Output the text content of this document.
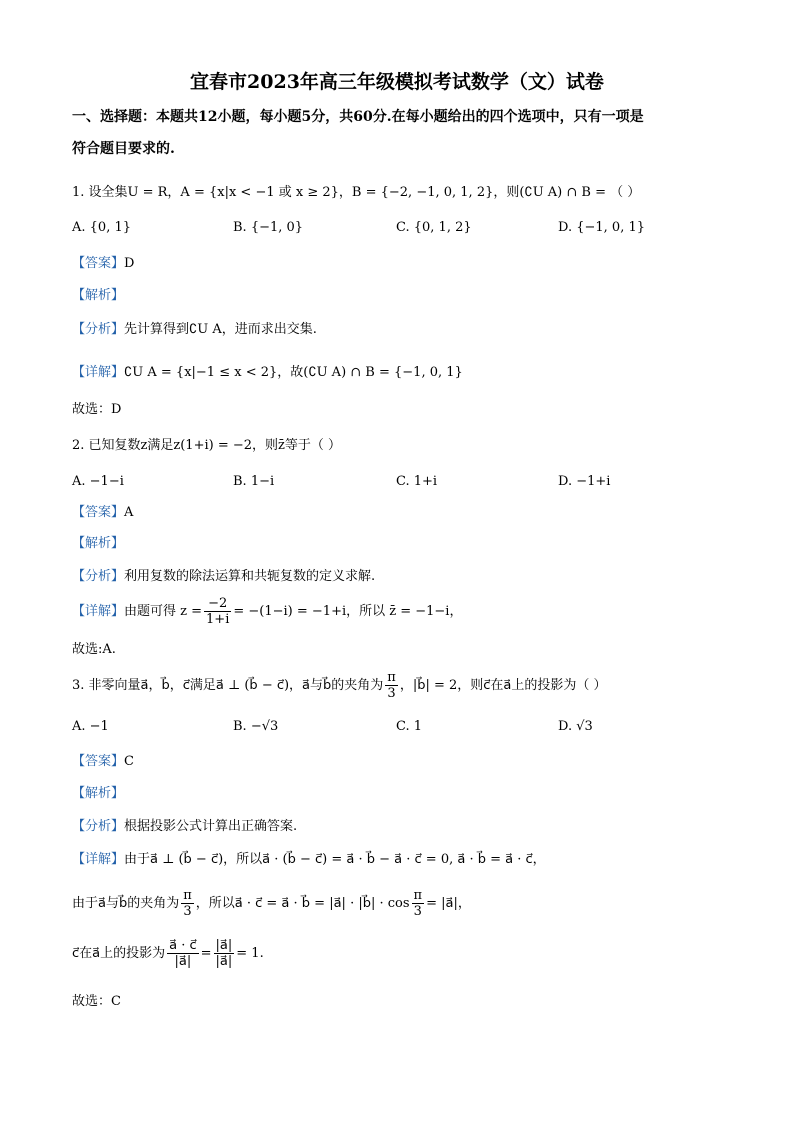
宜春市2023年高三年级模拟考试数学（文）试卷
一、选择题：本题共12小题，每小题5分，共60分.在每小题给出的四个选项中，只有一项是
符合题目要求的.
1. 设全集U = R，A = {x|x < −1 或 x ≥ 2}，B = {−2, −1, 0, 1, 2}，则(∁U A) ∩ B = （ ）
A. {0, 1}	B. {−1, 0}	C. {0, 1, 2}	D. {−1, 0, 1}
【答案】D
【解析】
【分析】先计算得到∁U A，进而求出交集.
【详解】∁U A = {x|−1 ≤ x < 2}，故(∁U A) ∩ B = {−1, 0, 1}
故选：D
2. 已知复数z满足z(1+i) = −2，则z̄等于（ ）
A. −1−i	B. 1−i	C. 1+i	D. −1+i
【答案】A
【解析】
【分析】利用复数的除法运算和共轭复数的定义求解.
【详解】由题可得 $z = \frac{-2}{1+i} = -(1-i) = -1+i$，所以 z̄ = −1−i，
故选:A.
3. 非零向量a⃗，b⃗，c⃗满足a⃗ ⊥ (b⃗ − c⃗)，a⃗与b⃗的夹角为 $\frac{\pi}{3}$ ，|b⃗| = 2，则c⃗在a⃗上的投影为（ ）
A. −1	B. −√3	C. 1	D. √3
【答案】C
【解析】
【分析】根据投影公式计算出正确答案.
【详解】由于a⃗ ⊥ (b⃗ − c⃗)，所以a⃗ · (b⃗ − c⃗) = a⃗ · b⃗ − a⃗ · c⃗ = 0, a⃗ · b⃗ = a⃗ · c⃗，
由于a⃗与b⃗的夹角为 $\frac{\pi}{3}$ ，所以a⃗ · c⃗ = a⃗ · b⃗ = |a⃗| · |b⃗| · $\cos \frac{\pi}{3}$ = |a⃗|，
c⃗在a⃗上的投影为 $\frac{a⃗ \cdot c⃗}{|a⃗|} = \frac{|a⃗|}{|a⃗|} = 1$.
故选：C
